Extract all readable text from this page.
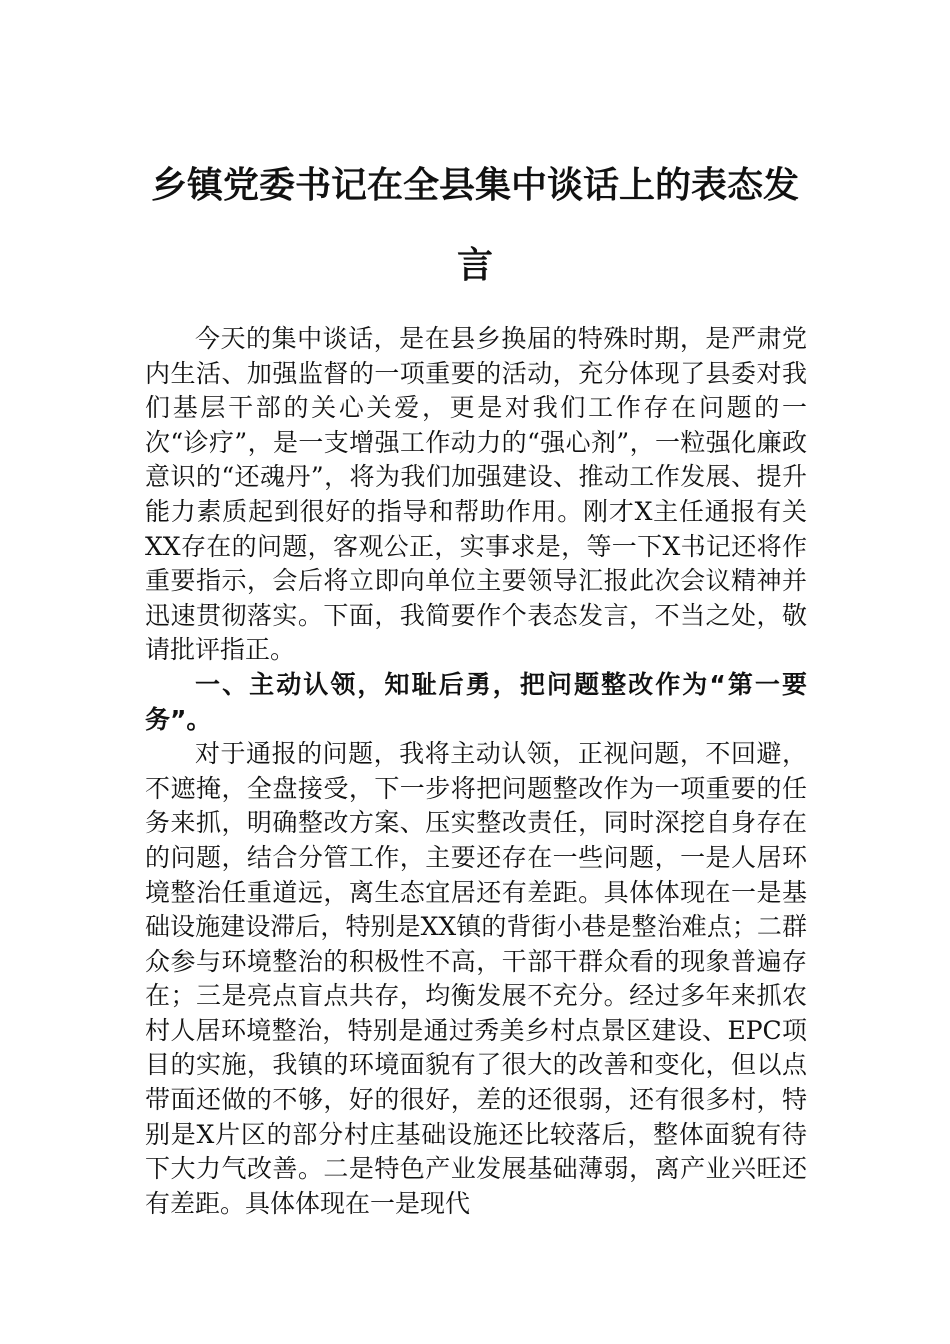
乡镇党委书记在全县集中谈话上的表态发言

今天的集中谈话，是在县乡换届的特殊时期，是严肃党内生活、加强监督的一项重要的活动，充分体现了县委对我们基层干部的关心关爱，更是对我们工作存在问题的一次“诊疗”，是一支增强工作动力的“强心剂”，一粒强化廉政意识的“还魂丹”，将为我们加强建设、推动工作发展、提升能力素质起到很好的指导和帮助作用。刚才X主任通报有关XX存在的问题，客观公正，实事求是，等一下X书记还将作重要指示，会后将立即向单位主要领导汇报此次会议精神并迅速贯彻落实。下面，我简要作个表态发言，不当之处，敬请批评指正。

一、主动认领，知耻后勇，把问题整改作为“第一要务”。

对于通报的问题，我将主动认领，正视问题，不回避，不遮掩，全盘接受，下一步将把问题整改作为一项重要的任务来抓，明确整改方案、压实整改责任，同时深挖自身存在的问题，结合分管工作，主要还存在一些问题，一是人居环境整治任重道远，离生态宜居还有差距。具体体现在一是基础设施建设滞后，特别是XX镇的背街小巷是整治难点；二群众参与环境整治的积极性不高，干部干群众看的现象普遍存在；三是亮点盲点共存，均衡发展不充分。经过多年来抓农村人居环境整治，特别是通过秀美乡村点景区建设、EPC项目的实施，我镇的环境面貌有了很大的改善和变化，但以点带面还做的不够，好的很好，差的还很弱，还有很多村，特别是X片区的部分村庄基础设施还比较落后，整体面貌有待下大力气改善。二是特色产业发展基础薄弱，离产业兴旺还有差距。具体体现在一是现代
